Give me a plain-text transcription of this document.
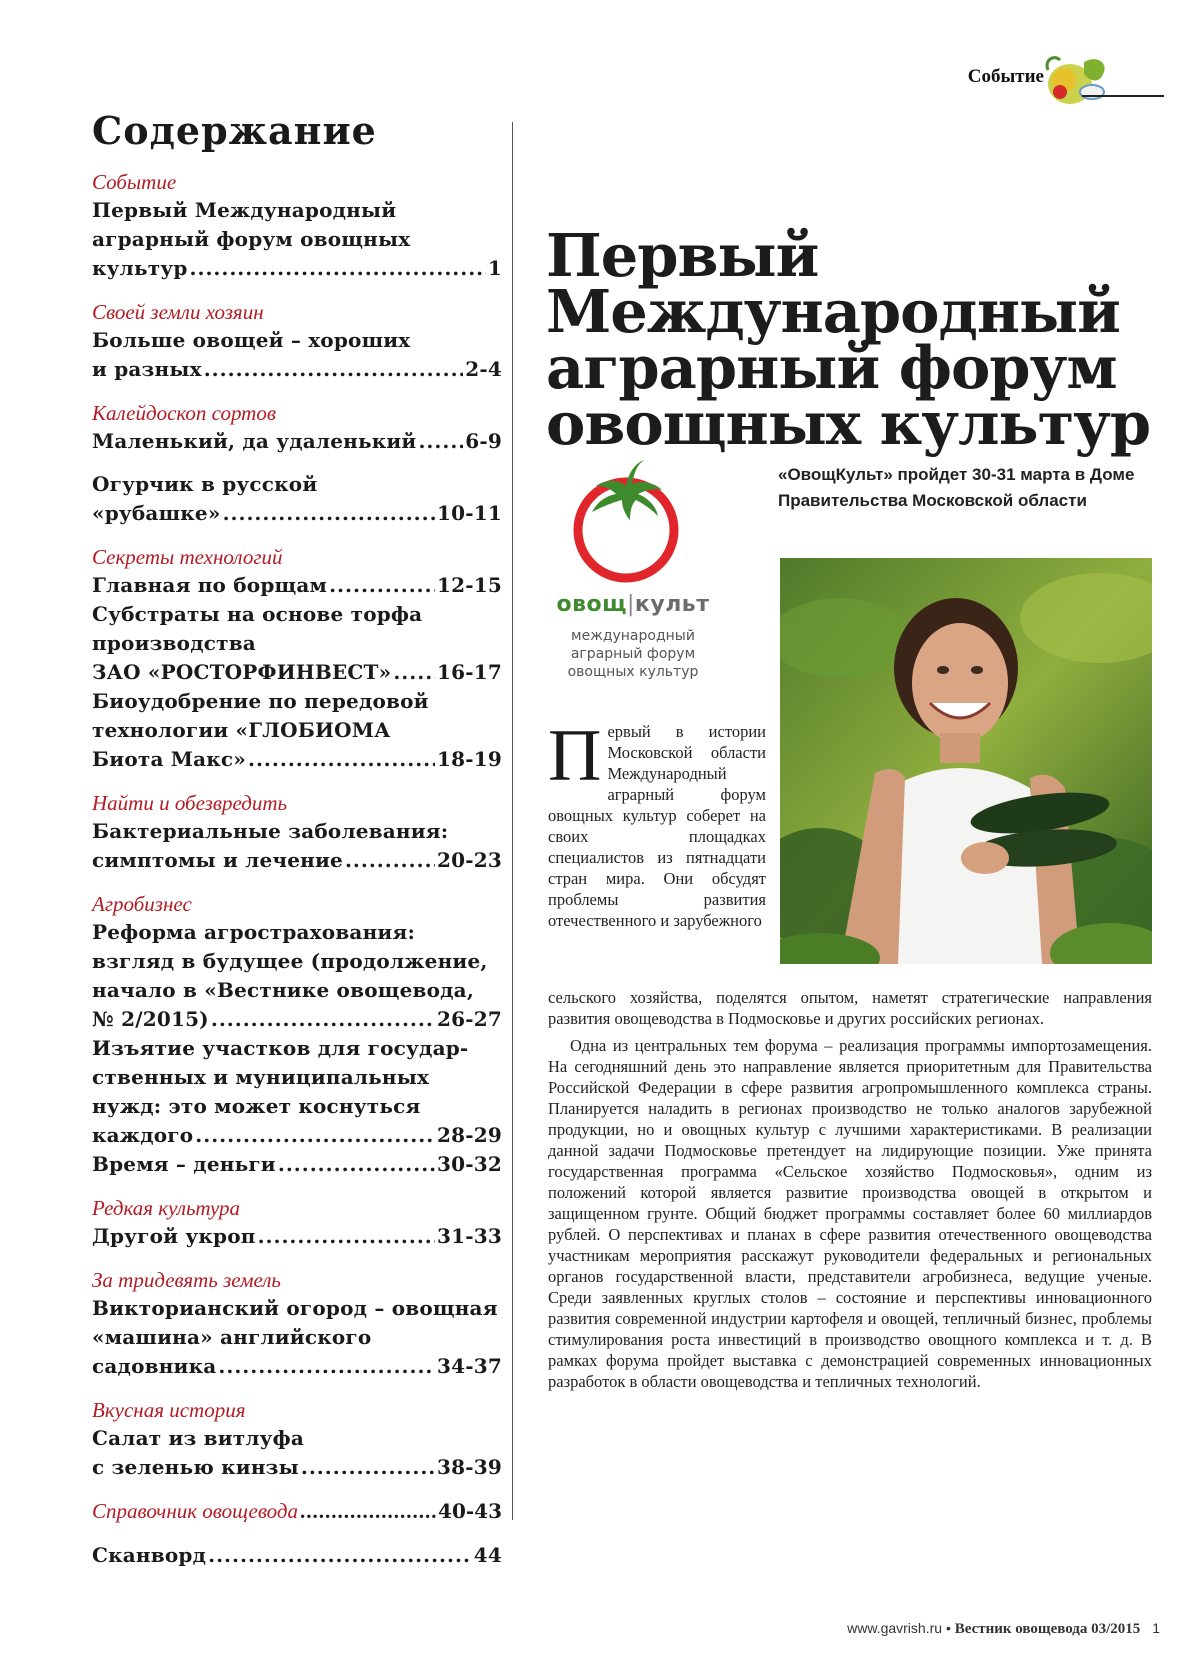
Событие
Содержание
Событие
Первый Международный
аграрный форум овощных
культур .....	1
Своей земли хозяин
Больше овощей – хороших
и разных .....	2-4
Калейдоскоп сортов
Маленький, да удаленький ..... 6-9
Огурчик в русской
«рубашке» .....	10-11
Секреты технологий
Главная по борщам .....	12-15
Субстраты на основе торфа
производства
ЗАО «РОСТОРФИНВЕСТ» ..... 16-17
Биоудобрение по передовой
технологии «ГЛОБИОМА
Биота Макс» .....	18-19
Найти и обезвредить
Бактериальные заболевания:
симптомы и лечение .....	20-23
Агробизнес
Реформа агрострахования:
взгляд в будущее (продолжение,
начало в «Вестнике овощевода,
№ 2/2015) .....	26-27
Изъятие участков для государ-
ственных и муниципальных
нужд: это может коснуться
каждого .....	28-29
Время – деньги .....	30-32
Редкая культура
Другой укроп .....	31-33
За тридевять земель
Викторианский огород – овощная
«машина» английского
садовника .....	34-37
Вкусная история
Салат из витлуфа
с зеленью кинзы .....	38-39
Справочник овощевода .....	40-43
Сканворд .....	44
Первый Международный аграрный форум овощных культур
овощ|культ
международный
аграрный форум
овощных культур
«ОвощКульт» пройдет 30-31 марта в Доме Правительства Московской области
Первый в истории Московской области Международный аграрный форум овощных культур соберет на своих площадках специалистов из пятнадцати стран мира. Они обсудят проблемы развития отечественного и зарубежного

сельского хозяйства, поделятся опытом, наметят стратегические направления развития овощеводства в Подмосковье и других российских регионах.

Одна из центральных тем форума – реализация программы импортозамещения. На сегодняшний день это направление является приоритетным для Правительства Российской Федерации в сфере развития агропромышленного комплекса страны. Планируется наладить в регионах производство не только аналогов зарубежной продукции, но и овощных культур с лучшими характеристиками. В реализации данной задачи Подмосковье претендует на лидирующие позиции. Уже принята государственная программа «Сельское хозяйство Подмосковья», одним из положений которой является развитие производства овощей в открытом и защищенном грунте. Общий бюджет программы составляет более 60 миллиардов рублей. О перспективах и планах в сфере развития отечественного овощеводства участникам мероприятия расскажут руководители федеральных и региональных органов государственной власти, представители агробизнеса, ведущие ученые. Среди заявленных круглых столов – состояние и перспективы инновационного развития современной индустрии картофеля и овощей, тепличный бизнес, проблемы стимулирования роста инвестиций в производство овощного комплекса и т. д. В рамках форума пройдет выставка с демонстрацией современных инновационных разработок в области овощеводства и тепличных технологий.

www.gavrish.ru • Вестник овощевода 03/2015 1
